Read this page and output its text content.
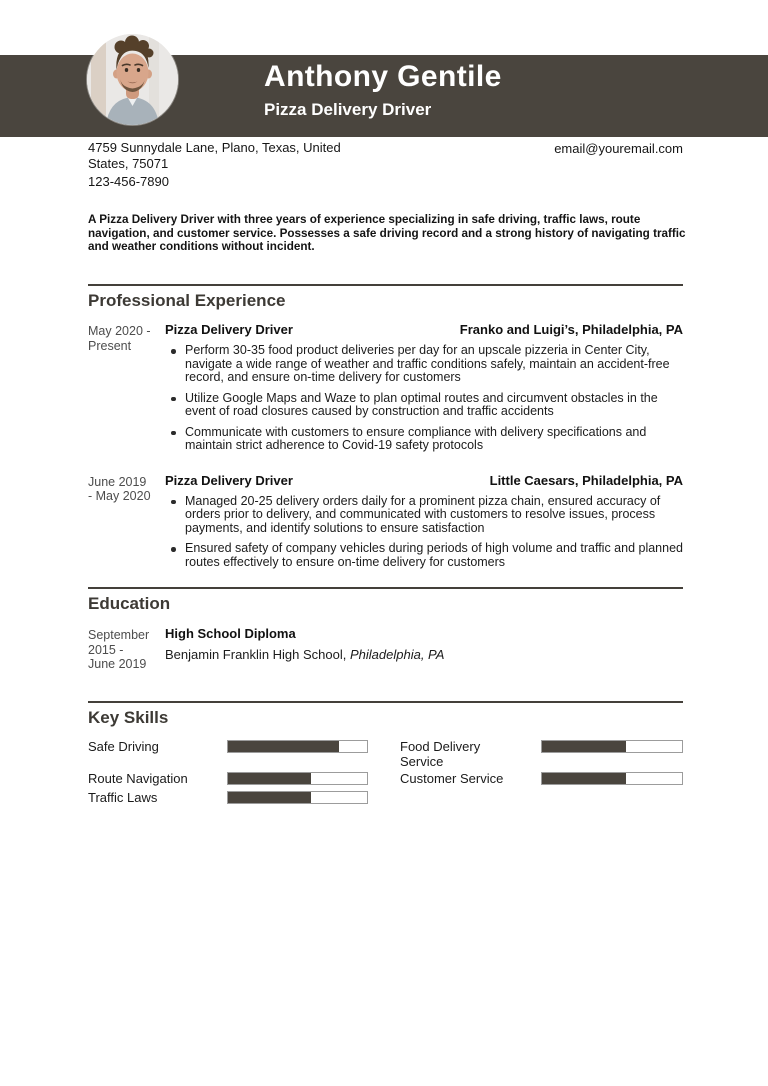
Anthony Gentile
Pizza Delivery Driver
4759 Sunnydale Lane, Plano, Texas, United
States, 75071
123-456-7890
email@youremail.com
A Pizza Delivery Driver with three years of experience specializing in safe driving, traffic laws, route navigation, and customer service. Possesses a safe driving record and a strong history of navigating traffic and weather conditions without incident.
Professional Experience
May 2020 -
Present
Pizza Delivery Driver	Franko and Luigi’s, Philadelphia, PA
Perform 30-35 food product deliveries per day for an upscale pizzeria in Center City, navigate a wide range of weather and traffic conditions safely, maintain an accident-free record, and ensure on-time delivery for customers
Utilize Google Maps and Waze to plan optimal routes and circumvent obstacles in the event of road closures caused by construction and traffic accidents
Communicate with customers to ensure compliance with delivery specifications and maintain strict adherence to Covid-19 safety protocols
June 2019
- May 2020
Pizza Delivery Driver	Little Caesars, Philadelphia, PA
Managed 20-25 delivery orders daily for a prominent pizza chain, ensured accuracy of orders prior to delivery, and communicated with customers to resolve issues, process payments, and identify solutions to ensure satisfaction
Ensured safety of company vehicles during periods of high volume and traffic and planned routes effectively to ensure on-time delivery for customers
Education
September
2015 -
June 2019
High School Diploma
Benjamin Franklin High School, Philadelphia, PA
Key Skills
Safe Driving
Route Navigation
Traffic Laws
Food Delivery Service
Customer Service
